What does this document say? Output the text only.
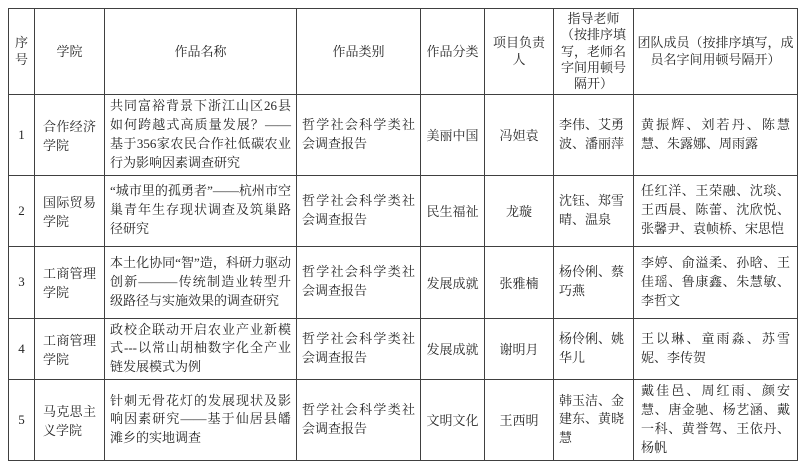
序号	学院	作品名称	作品类别	作品分类	项目负责人	指导老师（按排序填写，老师名字间用顿号隔开）	团队成员（按排序填写，成员名字间用顿号隔开）
1	合作经济学院	共同富裕背景下浙江山区26县如何跨越式高质量发展？——基于356家农民合作社低碳农业行为影响因素调查研究	哲学社会科学类社会调查报告	美丽中国	冯妲袁	李伟、艾勇波、潘丽萍	黄振辉、刘若丹、陈慧慧、朱露娜、周雨露
2	国际贸易学院	“城市里的孤勇者”——杭州市空巢青年生存现状调查及筑巢路径研究	哲学社会科学类社会调查报告	民生福祉	龙璇	沈钰、郑雪晴、温泉	任红洋、王荣融、沈琰、王西晨、陈蕾、沈欣悦、张馨尹、袁帧桥、宋思恺
3	工商管理学院	本土化协同“智”造，科研力驱动创新———传统制造业转型升级路径与实施效果的调查研究	哲学社会科学类社会调查报告	发展成就	张雅楠	杨伶俐、蔡巧燕	李婷、俞溢柔、孙晗、王佳瑶、鲁康鑫、朱慧敏、李哲文
4	工商管理学院	政校企联动开启农业产业新模式---以常山胡柚数字化全产业链发展模式为例	哲学社会科学类社会调查报告	发展成就	谢明月	杨伶俐、姚华儿	王以琳、童雨淼、苏雪妮、李传贺
5	马克思主义学院	针刺无骨花灯的发展现状及影响因素研究——基于仙居县皤滩乡的实地调查	哲学社会科学类社会调查报告	文明文化	王西明	韩玉洁、金建东、黄晓慧	戴佳邑、周红雨、颜安慧、唐金驰、杨艺涵、戴一科、黄誉驾、王依丹、杨帆
